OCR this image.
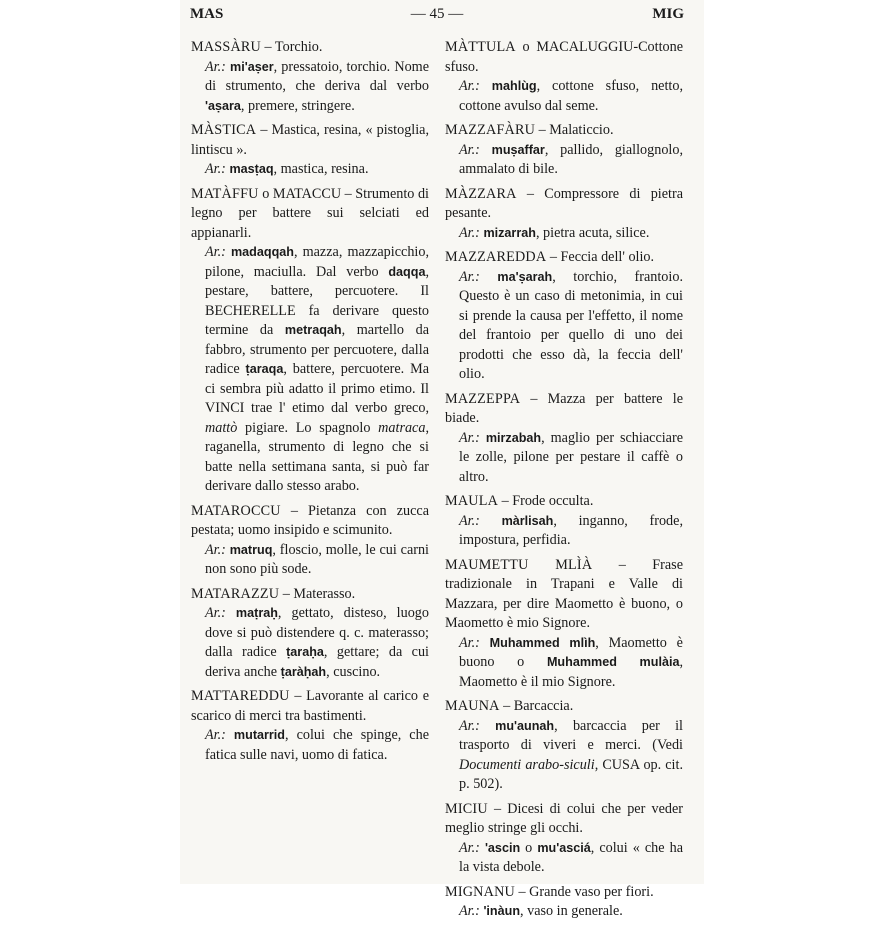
MAS	— 45 —	MIG

MASSÀRU – Torchio.

Ar.: mi'aṣer, pressatoio, torchio. Nome di strumento, che deriva dal verbo 'aṣara, premere, stringere.

MÀSTICA – Mastica, resina, « pistoglia, lintiscu ».

Ar.: masṭaq, mastica, resina.

MATÀFFU o MATACCU – Strumento di legno per battere sui selciati ed appianarli.

Ar.: madaqqah, mazza, mazzapicchio, pilone, maciulla. Dal verbo daqqa, pestare, battere, percuotere. Il BECHERELLE fa derivare questo termine da metraqah, martello da fabbro, strumento per percuotere, dalla radice ṭaraqa, battere, percuotere. Ma ci sembra più adatto il primo etimo. Il VINCI trae l' etimo dal verbo greco, mattò pigiare. Lo spagnolo matraca, raganella, strumento di legno che si batte nella settimana santa, si può far derivare dallo stesso arabo.

MATAROCCU – Pietanza con zucca pestata; uomo insipido e scimunito.

Ar.: matruq, floscio, molle, le cui carni non sono più sode.

MATARAZZU – Materasso.

Ar.: maṭraḥ, gettato, disteso, luogo dove si può distendere q. c. materasso; dalla radice ṭaraḥa, gettare; da cui deriva anche ṭaràḥah, cuscino.

MATTAREDDU – Lavorante al carico e scarico di merci tra bastimenti.

Ar.: mutarrid, colui che spinge, che fatica sulle navi, uomo di fatica.

MÀTTULA o MACALUGGIU-Cottone sfuso.

Ar.: mahlùg, cottone sfuso, netto, cottone avulso dal seme.

MAZZAFÀRU – Malaticcio.

Ar.: muṣaffar, pallido, giallognolo, ammalato di bile.

MÀZZARA – Compressore di pietra pesante.

Ar.: mizarrah, pietra acuta, silice.

MAZZAREDDA – Feccia dell' olio.

Ar.: ma'ṣarah, torchio, frantoio. Questo è un caso di metonimia, in cui si prende la causa per l'effetto, il nome del frantoio per quello di uno dei prodotti che esso dà, la feccia dell' olio.

MAZZEPPA – Mazza per battere le biade.

Ar.: mirzabah, maglio per schiacciare le zolle, pilone per pestare il caffè o altro.

MAULA – Frode occulta.

Ar.: màrlisah, inganno, frode, impostura, perfidia.

MAUMETTU MLÌÀ – Frase tradizionale in Trapani e Valle di Mazzara, per dire Maometto è buono, o Maometto è mio Signore.

Ar.: Muhammed mlìh, Maometto è buono o Muhammed mulàia, Maometto è il mio Signore.

MAUNA – Barcaccia.

Ar.: mu'aunah, barcaccia per il trasporto di viveri e merci. (Vedi Documenti arabo-siculi, CUSA op. cit. p. 502).

MICIU – Dicesi di colui che per veder meglio stringe gli occhi.

Ar.: 'ascin o mu'asciá, colui « che ha la vista debole.

MIGNANU – Grande vaso per fiori.

Ar.: 'inàun, vaso in generale.
